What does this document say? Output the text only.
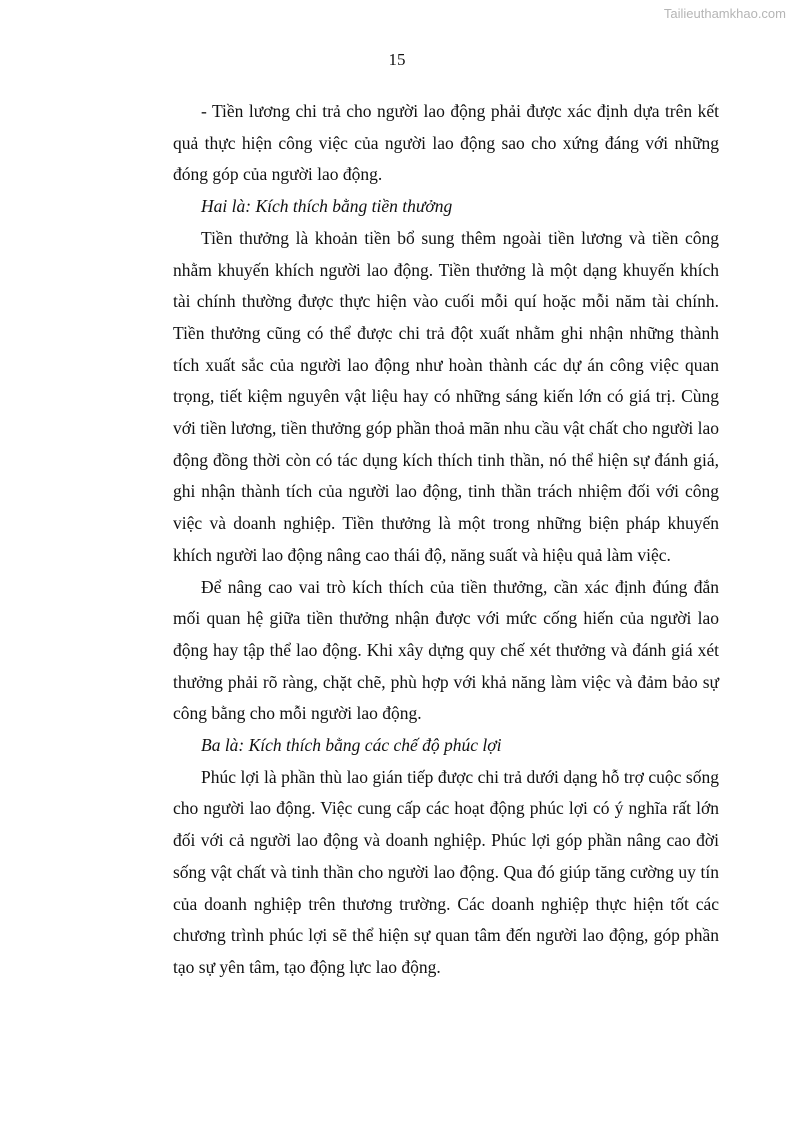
Tailieuthamkhao.com
15

- Tiền lương chi trả cho người lao động phải được xác định dựa trên kết quả thực hiện công việc của người lao động sao cho xứng đáng với những đóng góp của người lao động.

Hai là: Kích thích bằng tiền thưởng

Tiền thưởng là khoản tiền bổ sung thêm ngoài tiền lương và tiền công nhằm khuyến khích người lao động. Tiền thưởng là một dạng khuyến khích tài chính thường được thực hiện vào cuối mỗi quí hoặc mỗi năm tài chính. Tiền thưởng cũng có thể được chi trả đột xuất nhằm ghi nhận những thành tích xuất sắc của người lao động như hoàn thành các dự án công việc quan trọng, tiết kiệm nguyên vật liệu hay có những sáng kiến lớn có giá trị. Cùng với tiền lương, tiền thưởng góp phần thoả mãn nhu cầu vật chất cho người lao động đồng thời còn có tác dụng kích thích tinh thần, nó thể hiện sự đánh giá, ghi nhận thành tích của người lao động, tinh thần trách nhiệm đối với công việc và doanh nghiệp. Tiền thưởng là một trong những biện pháp khuyến khích người lao động nâng cao thái độ, năng suất và hiệu quả làm việc.

Để nâng cao vai trò kích thích của tiền thưởng, cần xác định đúng đắn mối quan hệ giữa tiền thưởng nhận được với mức cống hiến của người lao động hay tập thể lao động. Khi xây dựng quy chế xét thưởng và đánh giá xét thưởng phải rõ ràng, chặt chẽ, phù hợp với khả năng làm việc và đảm bảo sự công bằng cho mỗi người lao động.

Ba là: Kích thích bằng các chế độ phúc lợi

Phúc lợi là phần thù lao gián tiếp được chi trả dưới dạng hỗ trợ cuộc sống cho người lao động. Việc cung cấp các hoạt động phúc lợi có ý nghĩa rất lớn đối với cả người lao động và doanh nghiệp. Phúc lợi góp phần nâng cao đời sống vật chất và tinh thần cho người lao động. Qua đó giúp tăng cường uy tín của doanh nghiệp trên thương trường. Các doanh nghiệp thực hiện tốt các chương trình phúc lợi sẽ thể hiện sự quan tâm đến người lao động, góp phần tạo sự yên tâm, tạo động lực lao động.
